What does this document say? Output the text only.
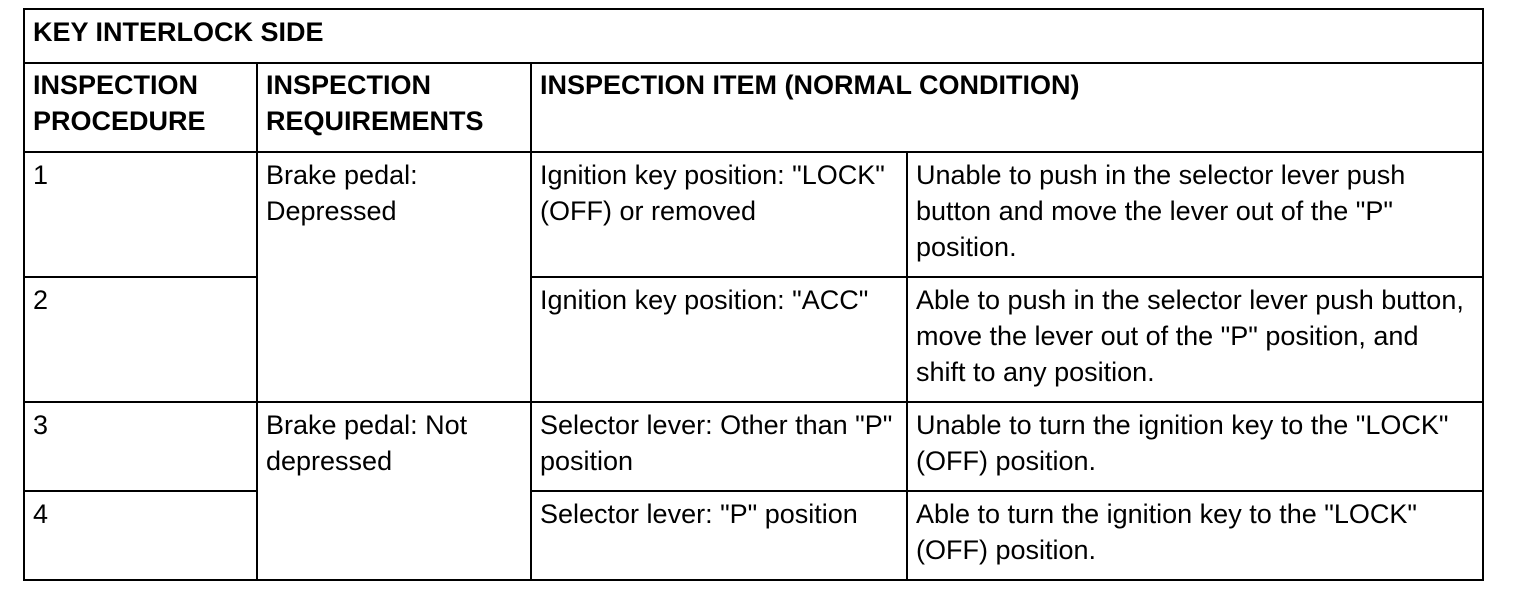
KEY INTERLOCK SIDE			

INSPECTION PROCEDURE	INSPECTION REQUIREMENTS	INSPECTION ITEM (NORMAL CONDITION)	

1	Brake pedal: Depressed	Ignition key position: "LOCK" (OFF) or removed	Unable to push in the selector lever push button and move the lever out of the "P" position.

2		Ignition key position: "ACC"	Able to push in the selector lever push button, move the lever out of the "P" position, and shift to any position.

3	Brake pedal: Not depressed	Selector lever: Other than "P" position	Unable to turn the ignition key to the "LOCK" (OFF) position.

4		Selector lever: "P" position	Able to turn the ignition key to the "LOCK" (OFF) position.
